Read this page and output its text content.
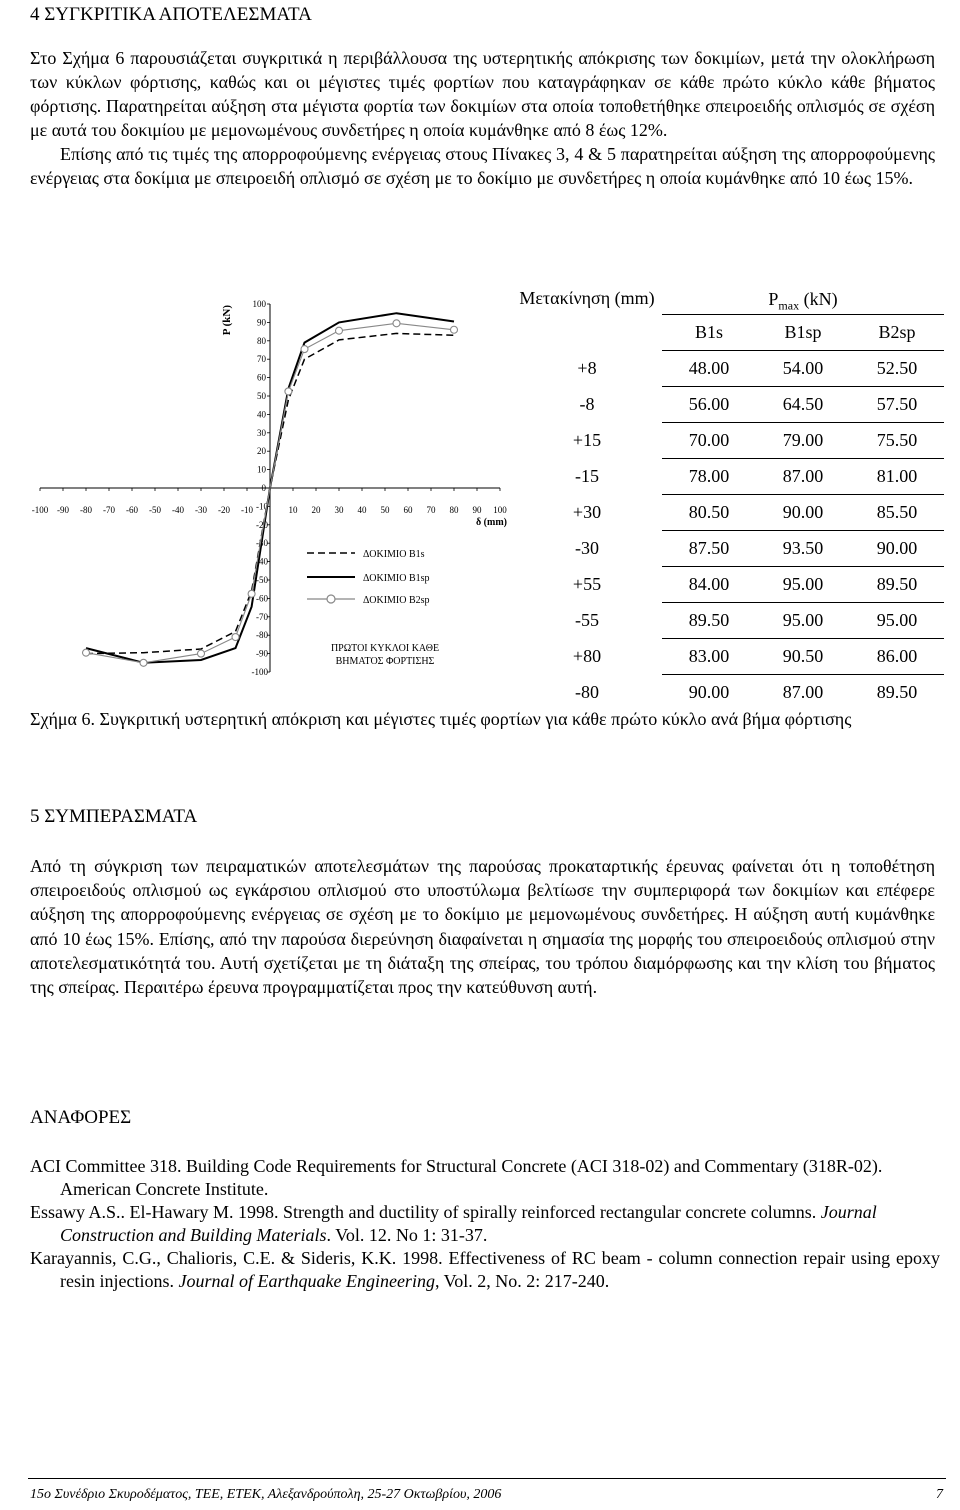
4 ΣΥΓΚΡΙΤΙΚΑ ΑΠΟΤΕΛΕΣΜΑΤΑ

Στο Σχήμα 6 παρουσιάζεται συγκριτικά η περιβάλλουσα της υστερητικής απόκρισης των δοκιμίων, μετά την ολοκλήρωση των κύκλων φόρτισης, καθώς και οι μέγιστες τιμές φορτίων που καταγράφηκαν σε κάθε πρώτο κύκλο κάθε βήματος φόρτισης. Παρατηρείται αύξηση στα μέγιστα φορτία των δοκιμίων στα οποία τοποθετήθηκε σπειροειδής οπλισμός σε σχέση με αυτά του δοκιμίου με μεμονωμένους συνδετήρες η οποία κυμάνθηκε από 8 έως 12%.

Επίσης από τις τιμές της απορροφούμενης ενέργειας στους Πίνακες 3, 4 & 5 παρατηρείται αύξηση της απορροφούμενης ενέργειας στα δοκίμια με σπειροειδή οπλισμό σε σχέση με το δοκίμιο με συνδετήρες η οποία κυμάνθηκε από 10 έως 15%.

100
90
80
70
60
50
40
30
20
10
0
-10
-20
-30
-40
-50
-60
-70
-80
-90
-100
-100 -90 -80 -70 -60 -50 -40 -30 -20 -10	10 20 30 40 50 60 70 80 90 100
P (kN)
δ (mm)
ΔΟΚΙΜΙΟ B1s
ΔΟΚΙΜΙΟ B1sp
ΔΟΚΙΜΙΟ B2sp
ΠΡΩΤΟΙ ΚΥΚΛΟΙ ΚΑΘΕ
ΒΗΜΑΤΟΣ ΦΟΡΤΙΣΗΣ
Μετακίνηση (mm)	$P_{max}$ (kN)		
	B1s	B1sp	B2sp
+8	48.00	54.00	52.50
-8	56.00	64.50	57.50
+15	70.00	79.00	75.50
-15	78.00	87.00	81.00
+30	80.50	90.00	85.50
-30	87.50	93.50	90.00
+55	84.00	95.00	89.50
-55	89.50	95.00	95.00
+80	83.00	90.50	86.00
-80	90.00	87.00	89.50
Σχήμα 6. Συγκριτική υστερητική απόκριση και μέγιστες τιμές φορτίων για κάθε πρώτο κύκλο ανά βήμα φόρτισης
5 ΣΥΜΠΕΡΑΣΜΑΤΑ

Από τη σύγκριση των πειραματικών αποτελεσμάτων της παρούσας προκαταρτικής έρευνας φαίνεται ότι η τοποθέτηση σπειροειδούς οπλισμού ως εγκάρσιου οπλισμού στο υποστύλωμα βελτίωσε την συμπεριφορά των δοκιμίων και επέφερε αύξηση της απορροφούμενης ενέργειας σε σχέση με το δοκίμιο με μεμονωμένους συνδετήρες. Η αύξηση αυτή κυμάνθηκε από 10 έως 15%. Επίσης, από την παρούσα διερεύνηση διαφαίνεται η σημασία της μορφής του σπειροειδούς οπλισμού στην αποτελεσματικότητά του. Αυτή σχετίζεται με τη διάταξη της σπείρας, του τρόπου διαμόρφωσης και την κλίση του βήματος της σπείρας. Περαιτέρω έρευνα προγραμματίζεται προς την κατεύθυνση αυτή.

ΑΝΑΦΟΡΕΣ

ACI Committee 318. Building Code Requirements for Structural Concrete (ACI 318-02) and Commentary (318R-02). American Concrete Institute.

Essawy A.S.. El-Hawary M. 1998. Strength and ductility of spirally reinforced rectangular concrete columns. Journal Construction and Building Materials. Vol. 12. No 1: 31-37.

Karayannis, C.G., Chalioris, C.E. & Sideris, K.K. 1998. Effectiveness of RC beam - column connection repair using epoxy resin injections. Journal of Earthquake Engineering, Vol. 2, No. 2: 217-240.

15ο Συνέδριο Σκυροδέματος, ΤΕΕ, ΕΤΕΚ, Αλεξανδρούπολη, 25-27 Οκτωβρίου, 2006	7
